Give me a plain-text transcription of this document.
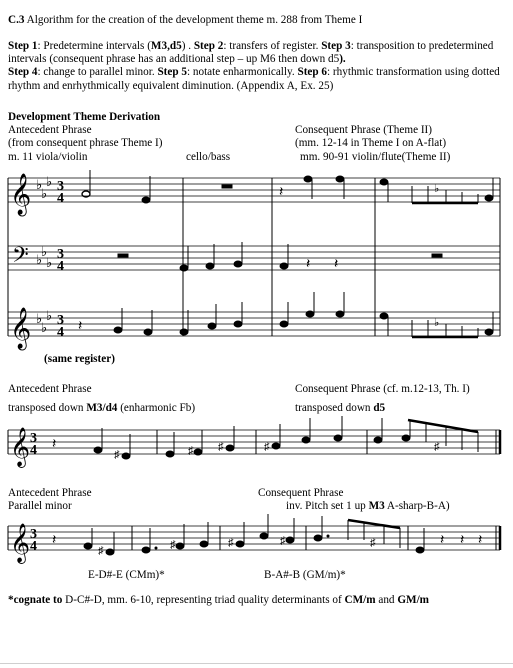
C.3 Algorithm for the creation of the development theme m. 288 from Theme I
Step 1: Predetermine intervals (M3,d5) . Step 2: transfers of register. Step 3: transposition to predetermined intervals (consequent phrase has an additional step – up M6 then down d5).
Step 4: change to parallel minor. Step 5: notate enharmonically. Step 6: rhythmic transformation using dotted rhythm and enrhythmically equivalent diminution. (Appendix A, Ex. 25)
Development Theme Derivation
Antecedent Phrase
(from consequent phrase Theme I)
m. 11 viola/violin	cello/bass
Consequent Phrase (Theme II)
(mm. 12-14 in Theme I on A-flat)
mm. 90-91 violin/flute(Theme II)
(same register)
Antecedent Phrase
transposed down M3/d4 (enharmonic Fb)
Consequent Phrase (cf. m.12-13, Th. I)
transposed down d5
Antecedent Phrase
Parallel minor
Consequent Phrase
inv. Pitch set 1 up M3 A-sharp-B-A)
E-D#-E (CMm)*	B-A#-B (GM/m)*
*cognate to D-C#-D, mm. 6-10, representing triad quality determinants of CM/m and GM/m
𝄞
𝄢
𝄞
𝄞
𝄞
♭
♭
♭
♭
♭
♭
♭
♭
♭
3
4
3
4
3
4
3
4
3
4
𝄽	♭
𝄽 𝄽
𝄽	♭
𝄽
♯	♯ ♯	♯	♯
𝄽
♯	♯	♯	♯	♯	𝄽 𝄽 𝄽
